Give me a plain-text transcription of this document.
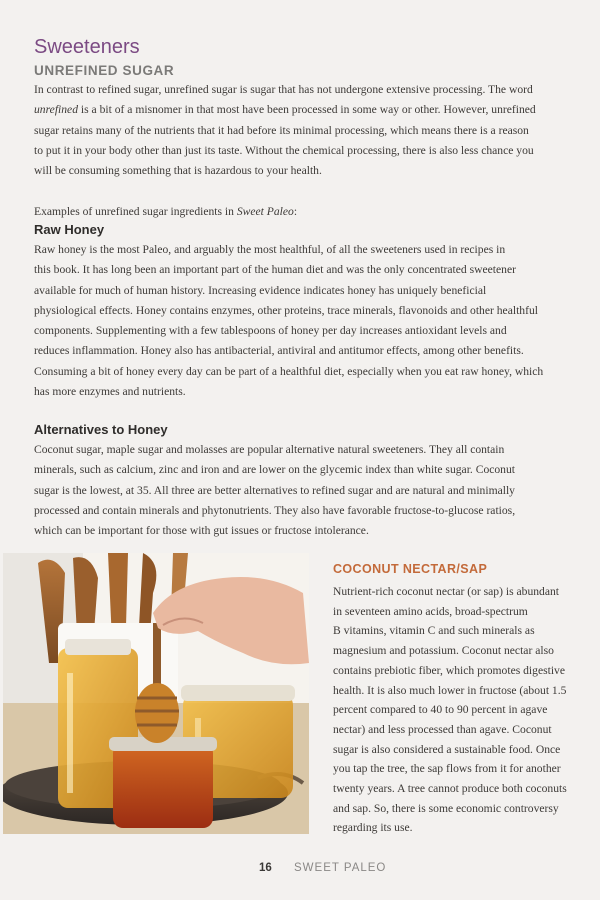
Sweeteners
UNREFINED SUGAR
In contrast to refined sugar, unrefined sugar is sugar that has not undergone extensive processing. The word
unrefined is a bit of a misnomer in that most have been processed in some way or other. However, unrefined
sugar retains many of the nutrients that it had before its minimal processing, which means there is a reason
to put it in your body other than just its taste. Without the chemical processing, there is also less chance you
will be consuming something that is hazardous to your health.
Examples of unrefined sugar ingredients in Sweet Paleo:
Raw Honey
Raw honey is the most Paleo, and arguably the most healthful, of all the sweeteners used in recipes in
this book. It has long been an important part of the human diet and was the only concentrated sweetener
available for much of human history. Increasing evidence indicates honey has uniquely beneficial
physiological effects. Honey contains enzymes, other proteins, trace minerals, flavonoids and other healthful
components. Supplementing with a few tablespoons of honey per day increases antioxidant levels and
reduces inflammation. Honey also has antibacterial, antiviral and antitumor effects, among other benefits.
Consuming a bit of honey every day can be part of a healthful diet, especially when you eat raw honey, which
has more enzymes and nutrients.
Alternatives to Honey
Coconut sugar, maple sugar and molasses are popular alternative natural sweeteners. They all contain
minerals, such as calcium, zinc and iron and are lower on the glycemic index than white sugar. Coconut
sugar is the lowest, at 35. All three are better alternatives to refined sugar and are natural and minimally
processed and contain minerals and phytonutrients. They also have favorable fructose-to-glucose ratios,
which can be important for those with gut issues or fructose intolerance.
COCONUT NECTAR/SAP
Nutrient-rich coconut nectar (or sap) is abundant
in seventeen amino acids, broad-spectrum
B vitamins, vitamin C and such minerals as
magnesium and potassium. Coconut nectar also
contains prebiotic fiber, which promotes digestive
health. It is also much lower in fructose (about 1.5
percent compared to 40 to 90 percent in agave
nectar) and less processed than agave. Coconut
sugar is also considered a sustainable food. Once
you tap the tree, the sap flows from it for another
twenty years. A tree cannot produce both coconuts
and sap. So, there is some economic controversy
regarding its use.
16 SWEET PALEO
